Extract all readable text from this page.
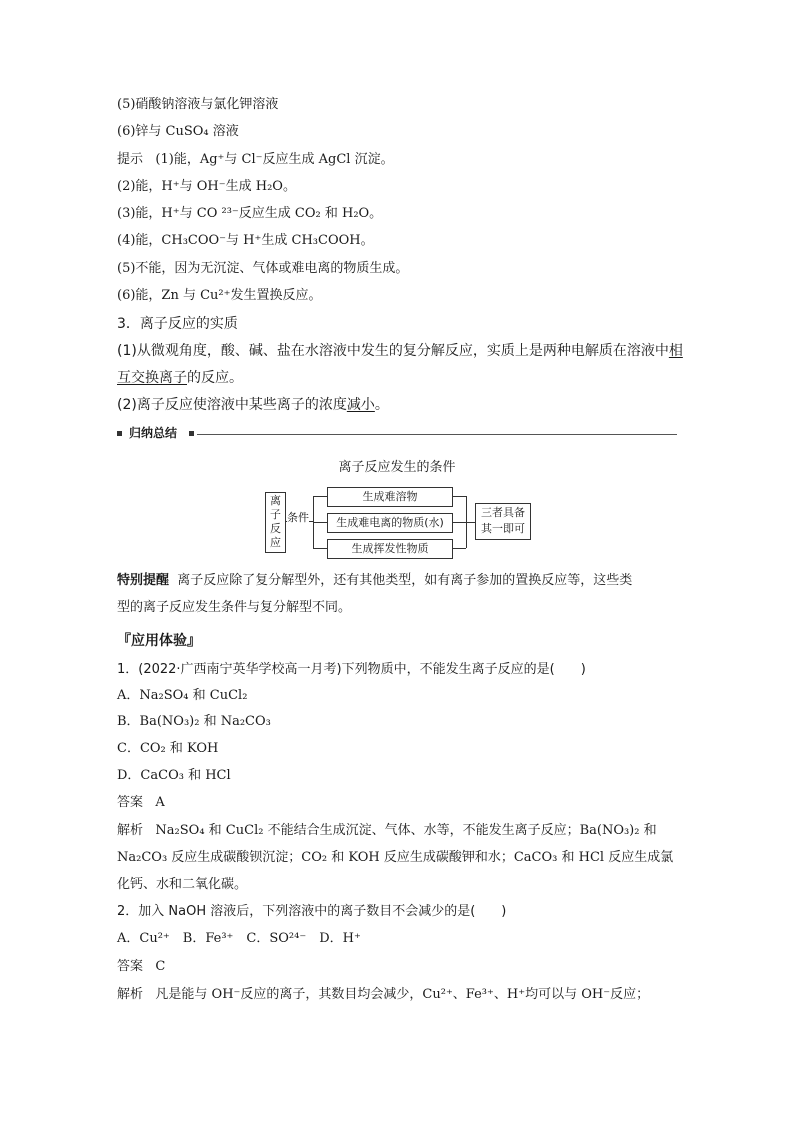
(5)硝酸钠溶液与氯化钾溶液
(6)锌与 CuSO₄ 溶液
提示 (1)能，Ag⁺与 Cl⁻反应生成 AgCl 沉淀。
(2)能，H⁺与 OH⁻生成 H₂O。
(3)能，H⁺与 CO ²³⁻反应生成 CO₂ 和 H₂O。
(4)能，CH₃COO⁻与 H⁺生成 CH₃COOH。
(5)不能，因为无沉淀、气体或难电离的物质生成。
(6)能，Zn 与 Cu²⁺发生置换反应。
3．离子反应的实质
(1)从微观角度，酸、碱、盐在水溶液中发生的复分解反应，实质上是两种电解质在溶液中相
互交换离子的反应。
(2)离子反应使溶液中某些离子的浓度减小。
归纳总结
离子反应发生的条件
离子反应
条件
生成难溶物
生成难电离的物质(水)
生成挥发性物质
三者具备
其一即可
特别提醒 离子反应除了复分解型外，还有其他类型，如有离子参加的置换反应等，这些类
型的离子反应发生条件与复分解型不同。
『应用体验』
1．(2022·广西南宁英华学校高一月考)下列物质中，不能发生离子反应的是(　　)
A．Na₂SO₄ 和 CuCl₂
B．Ba(NO₃)₂ 和 Na₂CO₃
C．CO₂ 和 KOH
D．CaCO₃ 和 HCl
答案 A
解析 Na₂SO₄ 和 CuCl₂ 不能结合生成沉淀、气体、水等，不能发生离子反应；Ba(NO₃)₂ 和
Na₂CO₃ 反应生成碳酸钡沉淀；CO₂ 和 KOH 反应生成碳酸钾和水；CaCO₃ 和 HCl 反应生成氯
化钙、水和二氧化碳。
2．加入 NaOH 溶液后，下列溶液中的离子数目不会减少的是(　　)
A．Cu²⁺　B．Fe³⁺　C．SO²⁴⁻　D．H⁺
答案 C
解析 凡是能与 OH⁻反应的离子，其数目均会减少，Cu²⁺、Fe³⁺、H⁺均可以与 OH⁻反应；
